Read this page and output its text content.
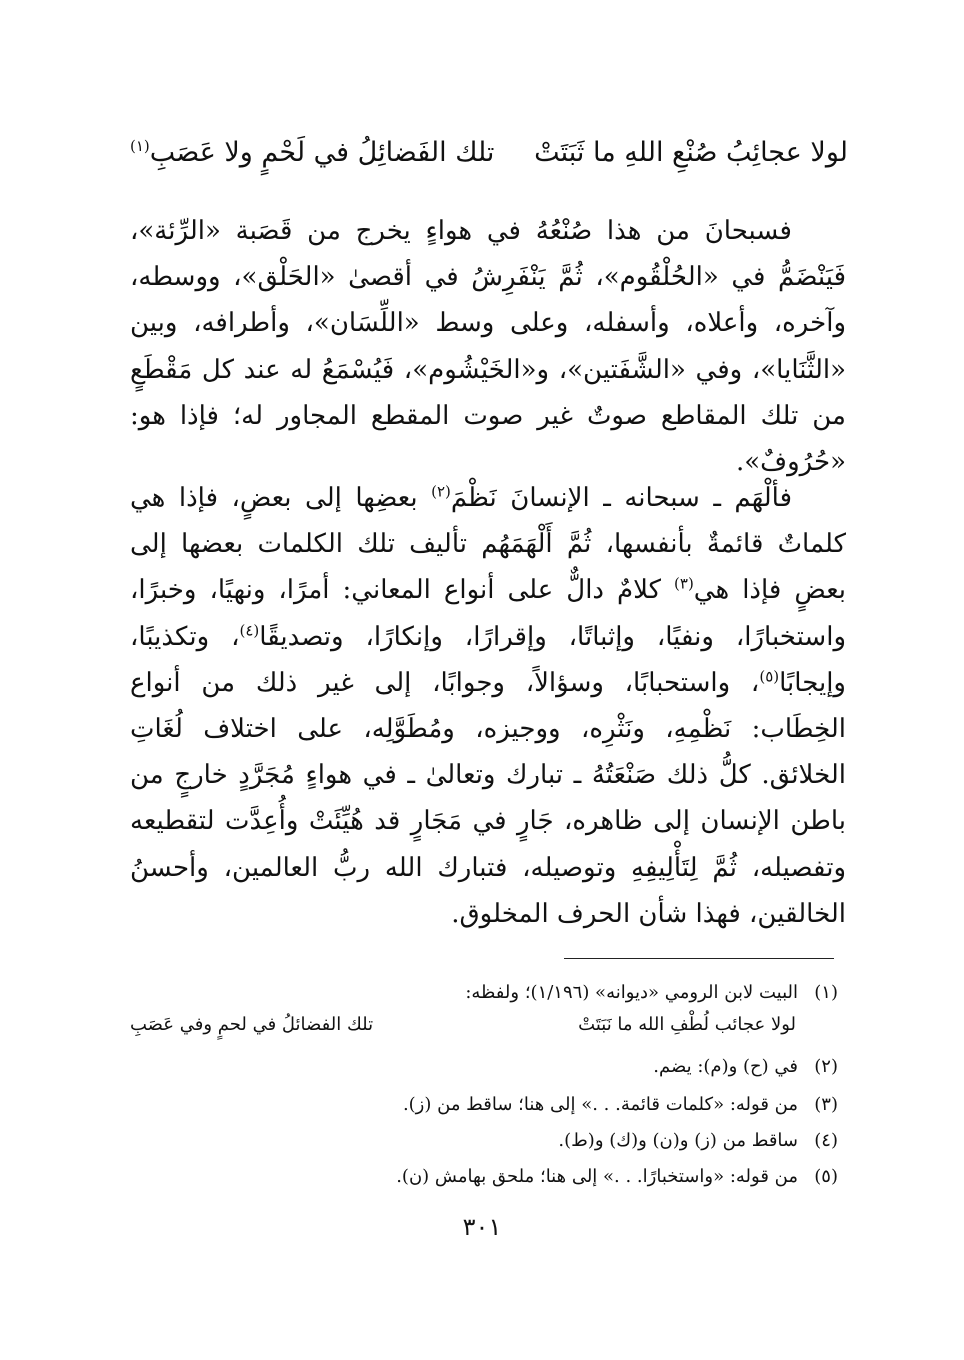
لولا عجائِبُ صُنْعِ اللهِ ما ثَبَتَتْ
تلك الفَضائِلُ في لَحْمٍ ولا عَصَبِ$^{(١)}$
فسبحانَ من هذا صُنْعُهُ في هواءٍ يخرج من قَصَبة «الرِّئة»، فَيَنْضَمُّ في «الحُلْقُوم»، ثُمَّ يَنْفَرِشُ في أقصىٰ «الحَلْق»، ووسطه، وآخره، وأعلاه، وأسفله، وعلى وسط «اللِّسَان»، وأطرافه، وبين «الثَّنَايا»، وفي «الشَّفَتين»، و«الخَيْشُوم»، فَيُسْمَعُ له عند كل مَقْطَعٍ من تلك المقاطع صوتٌ غير صوت المقطع المجاور له؛ فإذا هو: «حُرُوفٌ».
فألْهَم ـ سبحانه ـ الإنسانَ نَظْمَ$^{(٢)}$ بعضِها إلى بعضٍ، فإذا هي كلماتٌ قائمةٌ بأنفسها، ثُمَّ أَلْهَمَهُم تأليف تلك الكلمات بعضها إلى بعضٍ فإذا هي$^{(٣)}$ كلامٌ دالٌّ على أنواع المعاني: أمرًا، ونهيًا، وخبرًا، واستخبارًا، ونفيًا، وإثباتًا، وإقرارًا، وإنكارًا، وتصديقًا$^{(٤)}$، وتكذيبًا، وإيجابًا$^{(٥)}$، واستحبابًا، وسؤالاً، وجوابًا، إلى غير ذلك من أنواع الخِطَاب: نَظْمِهِ، ونَثْرِه، ووجيزه، ومُطَوَّلِه، على اختلاف لُغَاتِ الخلائق. كلُّ ذلك صَنْعَتُهُ ـ تبارك وتعالىٰ ـ في هواءٍ مُجَرَّدٍ خارجٍ من باطن الإنسان إلى ظاهره، جَارٍ في مَجَارٍ قد هُيِّئَتْ وأُعِدَّت لتقطيعه وتفصيله، ثُمَّ لِتَأْلِيفِهِ وتوصيله، فتبارك الله ربُّ العالمين، وأحسنُ الخالقين، فهذا شأن الحرف المخلوق.
(١)البيت لابن الرومي «ديوانه» (١/١٩٦)؛ ولفظه:
لولا عجائب لُطْفِ الله ما نَبَتَتْ
تلك الفضائلُ في لحمٍ وفي عَصَبِ
(٢)في (ح) و(م): يضم.
(٣)من قوله: «كلمات قائمة. . .» إلى هنا؛ ساقط من (ز).
(٤)ساقط من (ز) و(ن) و(ك) و(ط).
(٥)من قوله: «واستخبارًا. . .» إلى هنا؛ ملحق بهامش (ن).
٣٠١
